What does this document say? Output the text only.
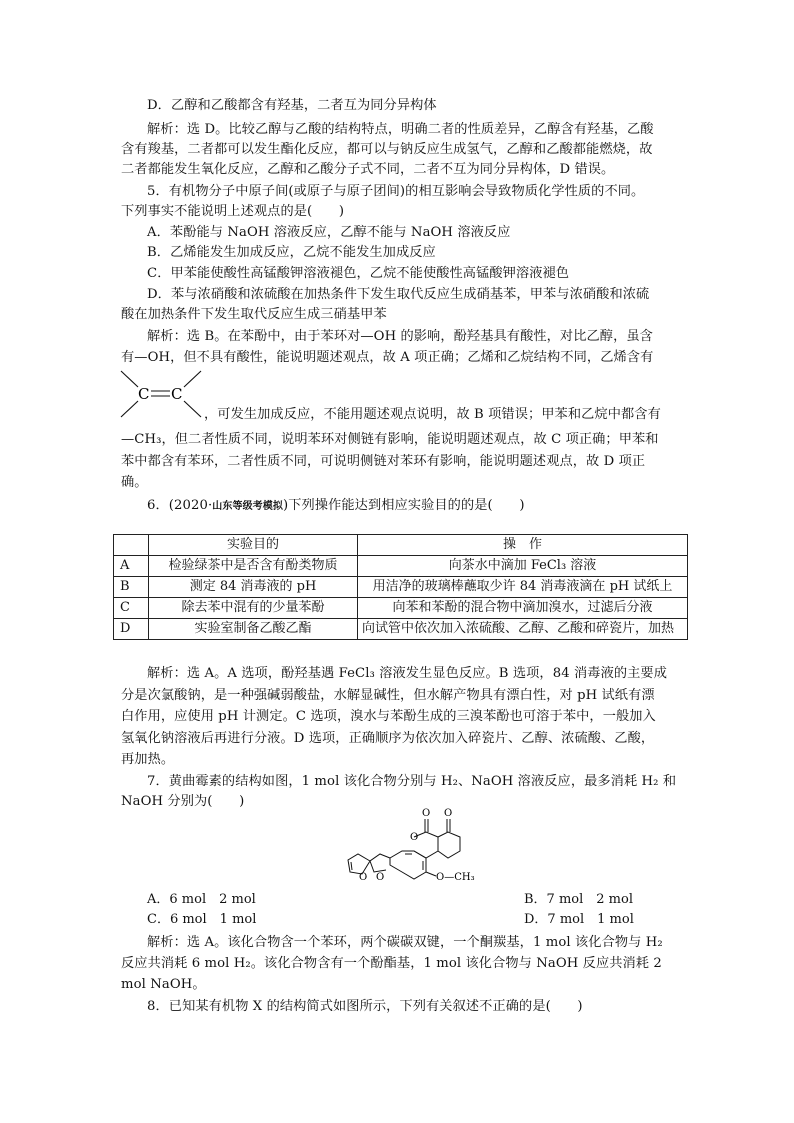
D．乙醇和乙酸都含有羟基，二者互为同分异构体
解析：选 D。比较乙醇与乙酸的结构特点，明确二者的性质差异，乙醇含有羟基，乙酸
含有羧基，二者都可以发生酯化反应，都可以与钠反应生成氢气，乙醇和乙酸都能燃烧，故
二者都能发生氧化反应，乙醇和乙酸分子式不同，二者不互为同分异构体，D 错误。
5．有机物分子中原子间(或原子与原子团间)的相互影响会导致物质化学性质的不同。
下列事实不能说明上述观点的是(　　)
A．苯酚能与 NaOH 溶液反应，乙醇不能与 NaOH 溶液反应
B．乙烯能发生加成反应，乙烷不能发生加成反应
C．甲苯能使酸性高锰酸钾溶液褪色，乙烷不能使酸性高锰酸钾溶液褪色
D．苯与浓硝酸和浓硫酸在加热条件下发生取代反应生成硝基苯，甲苯与浓硝酸和浓硫
酸在加热条件下发生取代反应生成三硝基甲苯
解析：选 B。在苯酚中，由于苯环对—OH 的影响，酚羟基具有酸性，对比乙醇，虽含
有—OH，但不具有酸性，能说明题述观点，故 A 项正确；乙烯和乙烷结构不同，乙烯含有
C C
，可发生加成反应，不能用题述观点说明，故 B 项错误；甲苯和乙烷中都含有
—CH₃，但二者性质不同，说明苯环对侧链有影响，能说明题述观点，故 C 项正确；甲苯和
苯中都含有苯环，二者性质不同，可说明侧链对苯环有影响，能说明题述观点，故 D 项正
确。
6．(2020·山东等级考模拟)下列操作能达到相应实验目的的是(　　)
	实验目的	操　作
A	检验绿茶中是否含有酚类物质	向茶水中滴加 FeCl₃ 溶液
B	测定 84 消毒液的 pH	用洁净的玻璃棒蘸取少许 84 消毒液滴在 pH 试纸上
C	除去苯中混有的少量苯酚	向苯和苯酚的混合物中滴加溴水，过滤后分液
D	实验室制备乙酸乙酯	向试管中依次加入浓硫酸、乙醇、乙酸和碎瓷片，加热
解析：选 A。A 选项，酚羟基遇 FeCl₃ 溶液发生显色反应。B 选项，84 消毒液的主要成
分是次氯酸钠，是一种强碱弱酸盐，水解显碱性，但水解产物具有漂白性，对 pH 试纸有漂
白作用，应使用 pH 计测定。C 选项，溴水与苯酚生成的三溴苯酚也可溶于苯中，一般加入
氢氧化钠溶液后再进行分液。D 选项，正确顺序为依次加入碎瓷片、乙醇、浓硫酸、乙酸，
再加热。
7．黄曲霉素的结构如图，1 mol 该化合物分别与 H₂、NaOH 溶液反应，最多消耗 H₂ 和
NaOH 分别为(　　)
O O
O
O O	O—CH₃
A．6 mol　2 mol	B．7 mol　2 mol
C．6 mol　1 mol	D．7 mol　1 mol
解析：选 A。该化合物含一个苯环，两个碳碳双键，一个酮羰基，1 mol 该化合物与 H₂
反应共消耗 6 mol H₂。该化合物含有一个酚酯基，1 mol 该化合物与 NaOH 反应共消耗 2
mol NaOH。
8．已知某有机物 X 的结构简式如图所示，下列有关叙述不正确的是(　　)
